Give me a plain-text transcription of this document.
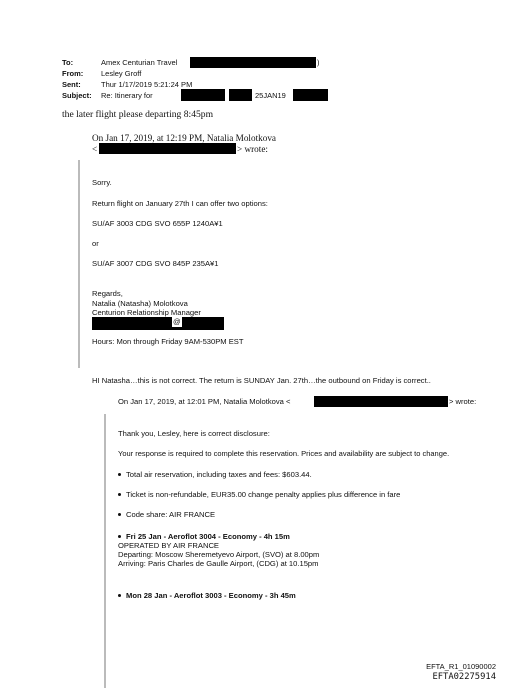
To:	Amex Centurian Travel	)
From: Lesley Groff
Sent:	Thur 1/17/2019 5:21:24 PM
Subject: Re: Itinerary for	25JAN19
the later flight please departing 8:45pm
On Jan 17, 2019, at 12:19 PM, Natalia Molotkova
<	> wrote:
Sorry.
Return flight on January 27th I can offer two options:
SU/AF 3003 CDG SVO 655P 1240A¥1
or
SU/AF 3007 CDG SVO 845P 235A¥1
Regards,
Natalia (Natasha) Molotkova
Centurion Relationship Manager
@
Hours: Mon through Friday 9AM-530PM EST
HI Natasha…this is not correct. The return is SUNDAY Jan. 27th…the outbound on Friday is correct..
On Jan 17, 2019, at 12:01 PM, Natalia Molotkova <	> wrote:
Thank you, Lesley, here is correct disclosure:
Your response is required to complete this reservation. Prices and availability are subject to change.
Total air reservation, including taxes and fees: $603.44.
Ticket is non-refundable, EUR35.00 change penalty applies plus difference in fare
Code share: AIR FRANCE
Fri 25 Jan - Aeroflot 3004 - Economy - 4h 15m
OPERATED BY AIR FRANCE
Departing: Moscow Sheremetyevo Airport, (SVO) at 8.00pm
Arriving: Paris Charles de Gaulle Airport, (CDG) at 10.15pm
Mon 28 Jan - Aeroflot 3003 - Economy - 3h 45m
EFTA_R1_01090002
EFTA02275914
